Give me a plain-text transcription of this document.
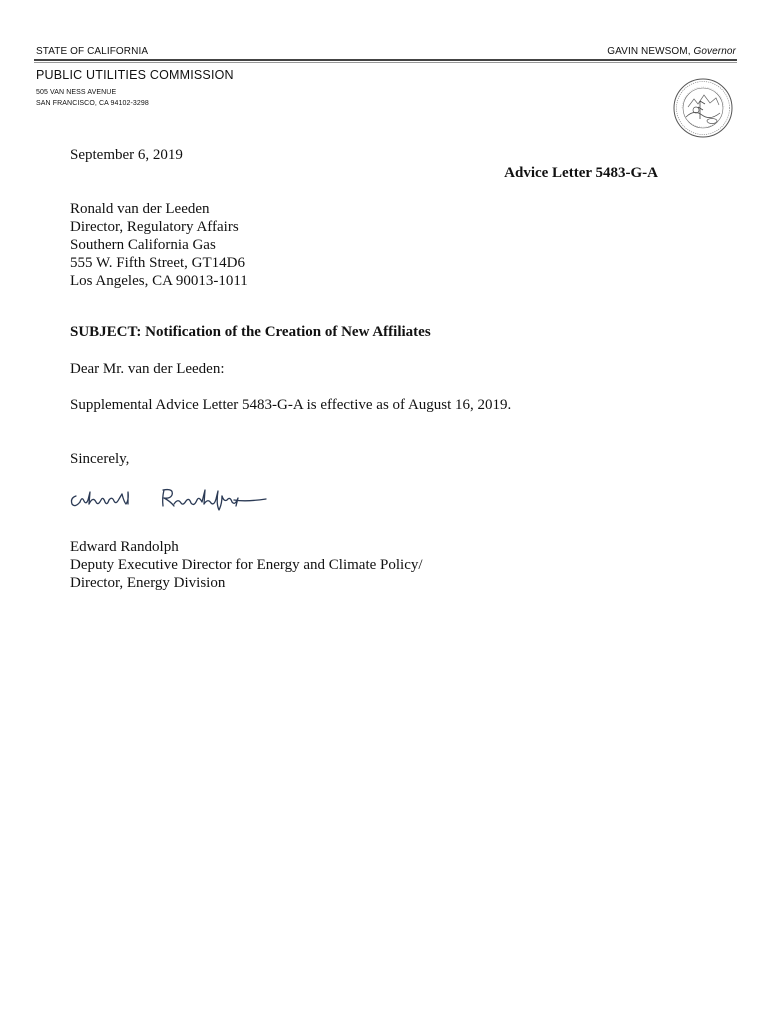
STATE OF CALIFORNIA	GAVIN NEWSOM, Governor
PUBLIC UTILITIES COMMISSION
505 VAN NESS AVENUE
SAN FRANCISCO, CA 94102-3298
September 6, 2019
Advice Letter 5483-G-A
Ronald van der Leeden
Director, Regulatory Affairs
Southern California Gas
555 W. Fifth Street, GT14D6
Los Angeles, CA 90013-1011
SUBJECT: Notification of the Creation of New Affiliates
Dear Mr. van der Leeden:
Supplemental Advice Letter 5483-G-A is effective as of August 16, 2019.
Sincerely,
Edward Randolph
Deputy Executive Director for Energy and Climate Policy/
Director, Energy Division
